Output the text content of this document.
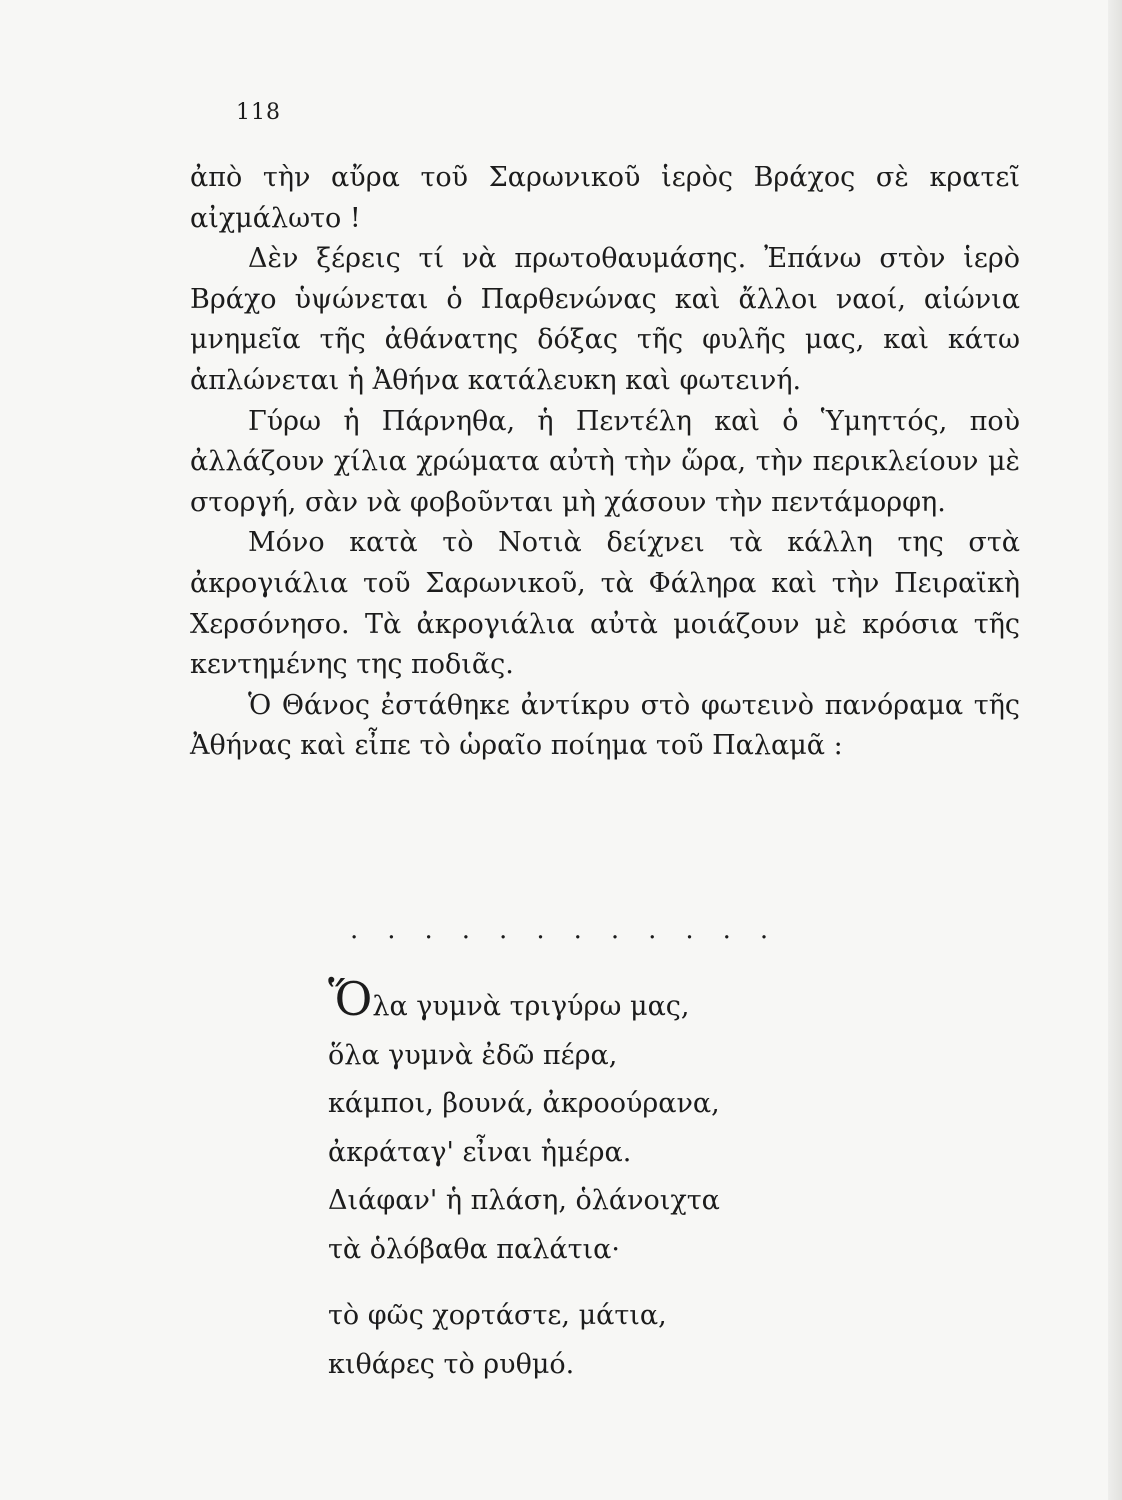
118

ἀπὸ τὴν αὔρα τοῦ Σαρωνικοῦ ἱερὸς Βράχος σὲ κρατεῖ αἰχμάλωτο !

Δὲν ξέρεις τί νὰ πρωτοθαυμάσης. Ἐπάνω στὸν ἱερὸ Βράχο ὑψώνεται ὁ Παρθενώνας καὶ ἄλλοι ναοί, αἰώνια μνημεῖα τῆς ἀθάνατης δόξας τῆς φυλῆς μας, καὶ κάτω ἁπλώνεται ἡ Ἀθήνα κατάλευκη καὶ φωτεινή.

Γύρω ἡ Πάρνηθα, ἡ Πεντέλη καὶ ὁ Ὑμηττός, ποὺ ἀλλάζουν χίλια χρώματα αὐτὴ τὴν ὥρα, τὴν περικλείουν μὲ στοργή, σὰν νὰ φοβοῦνται μὴ χάσουν τὴν πεντάμορφη.

Μόνο κατὰ τὸ Νοτιὰ δείχνει τὰ κάλλη της στὰ ἀκρογιάλια τοῦ Σαρωνικοῦ, τὰ Φάληρα καὶ τὴν Πειραϊκὴ Χερσόνησο. Τὰ ἀκρογιάλια αὐτὰ μοιάζουν μὲ κρόσια τῆς κεντημένης της ποδιᾶς.

Ὁ Θάνος ἐστάθηκε ἀντίκρυ στὸ φωτεινὸ πανόραμα τῆς Ἀθήνας καὶ εἶπε τὸ ὡραῖο ποίημα τοῦ Παλαμᾶ :

............
Ὅλα γυμνὰ τριγύρω μας,
ὅλα γυμνὰ ἐδῶ πέρα,
κάμποι, βουνά, ἀκροούρανα,
ἀκράταγ' εἶναι ἡμέρα.
Διάφαν' ἡ πλάση, ὁλάνοιχτα
τὰ ὁλόβαθα παλάτια·
τὸ φῶς χορτάστε, μάτια,
κιθάρες τὸ ρυθμό.
